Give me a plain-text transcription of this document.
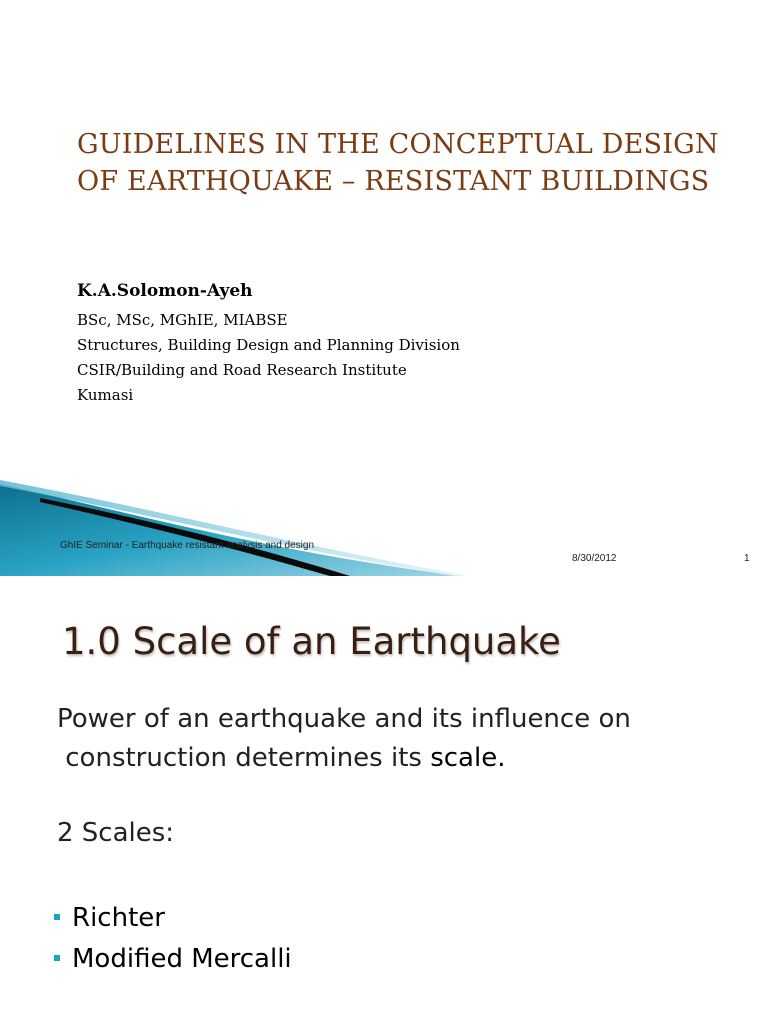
GUIDELINES IN THE CONCEPTUAL DESIGN
OF EARTHQUAKE – RESISTANT BUILDINGS
K.A.Solomon-Ayeh
BSc, MSc, MGhIE, MIABSE
Structures, Building Design and Planning Division
CSIR/Building and Road Research Institute
Kumasi
GhIE Seminar - Earthquake resistant analysis and design
8/30/2012	1
1.0 Scale of an Earthquake
Power of an earthquake and its influence on
construction determines its scale.
2 Scales:
Richter
Modified Mercalli
